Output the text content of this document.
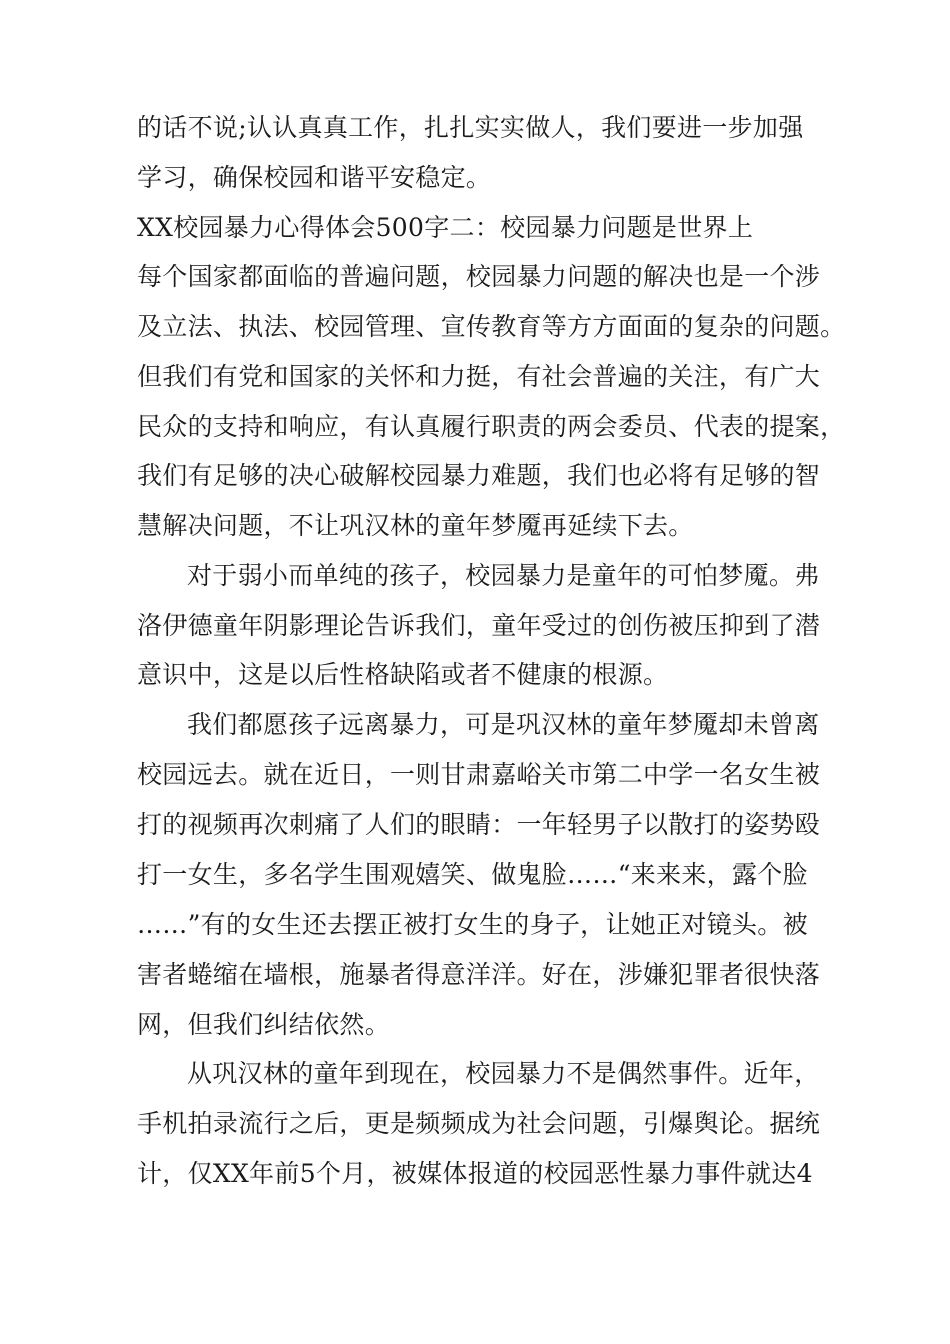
的话不说;认认真真工作，扎扎实实做人，我们要进一步加强
学习，确保校园和谐平安稳定。
XX校园暴力心得体会500字二：校园暴力问题是世界上
每个国家都面临的普遍问题，校园暴力问题的解决也是一个涉
及立法、执法、校园管理、宣传教育等方方面面的复杂的问题。
但我们有党和国家的关怀和力挺，有社会普遍的关注，有广大
民众的支持和响应，有认真履行职责的两会委员、代表的提案，
我们有足够的决心破解校园暴力难题，我们也必将有足够的智
慧解决问题，不让巩汉林的童年梦魇再延续下去。
对于弱小而单纯的孩子，校园暴力是童年的可怕梦魇。弗
洛伊德童年阴影理论告诉我们，童年受过的创伤被压抑到了潜
意识中，这是以后性格缺陷或者不健康的根源。
我们都愿孩子远离暴力，可是巩汉林的童年梦魇却未曾离
校园远去。就在近日，一则甘肃嘉峪关市第二中学一名女生被
打的视频再次刺痛了人们的眼睛：一年轻男子以散打的姿势殴
打一女生，多名学生围观嬉笑、做鬼脸……“来来来，露个脸
……”有的女生还去摆正被打女生的身子，让她正对镜头。被
害者蜷缩在墙根，施暴者得意洋洋。好在，涉嫌犯罪者很快落
网，但我们纠结依然。
从巩汉林的童年到现在，校园暴力不是偶然事件。近年，
手机拍录流行之后，更是频频成为社会问题，引爆舆论。据统
计，仅XX年前5个月，被媒体报道的校园恶性暴力事件就达4
